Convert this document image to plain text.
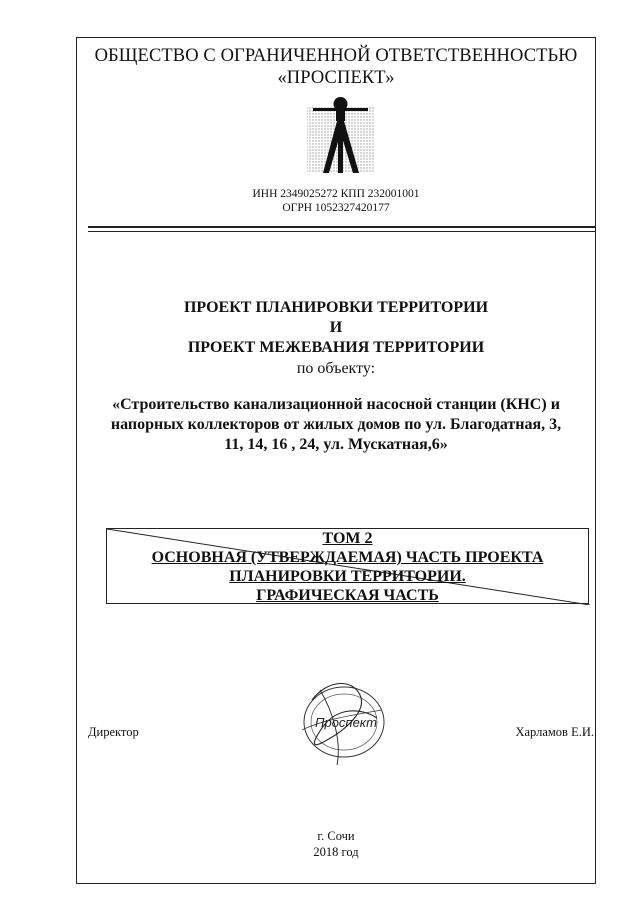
ОБЩЕСТВО С ОГРАНИЧЕННОЙ ОТВЕТСТВЕННОСТЬЮ
«ПРОСПЕКТ»
ИНН 2349025272 КПП 232001001
ОГРН 1052327420177
ПРОЕКТ ПЛАНИРОВКИ ТЕРРИТОРИИ
И
ПРОЕКТ МЕЖЕВАНИЯ ТЕРРИТОРИИ
по объекту:
«Строительство канализационной насосной станции (КНС) и
напорных коллекторов от жилых домов по ул. Благодатная, 3,
11, 14, 16 , 24, ул. Мускатная,6»
ТОМ 2
ОСНОВНАЯ (УТВЕРЖДАЕМАЯ) ЧАСТЬ ПРОЕКТА
ПЛАНИРОВКИ ТЕРРИТОРИИ.
ГРАФИЧЕСКАЯ ЧАСТЬ
Директор
Проспект
Харламов Е.И.
г. Сочи
2018 год
